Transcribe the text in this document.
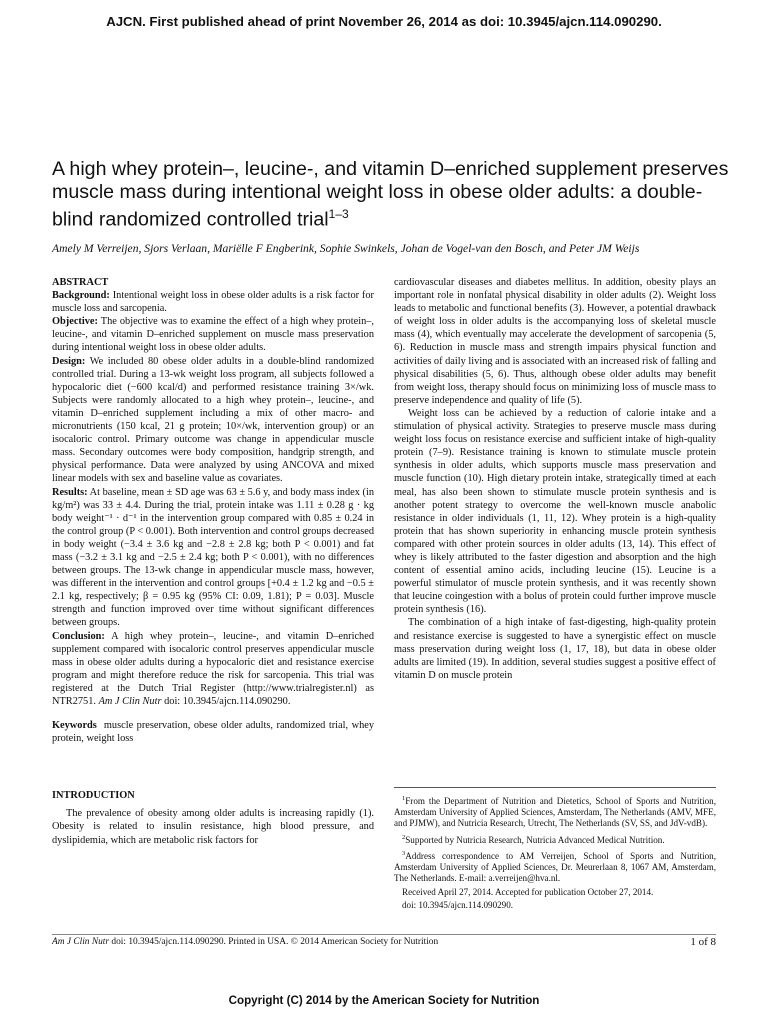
AJCN. First published ahead of print November 26, 2014 as doi: 10.3945/ajcn.114.090290.
A high whey protein–, leucine-, and vitamin D–enriched supplement preserves muscle mass during intentional weight loss in obese older adults: a double-blind randomized controlled trial$^{1-3}$
Amely M Verreijen, Sjors Verlaan, Mariëlle F Engberink, Sophie Swinkels, Johan de Vogel-van den Bosch, and Peter JM Weijs

ABSTRACT

Background: Intentional weight loss in obese older adults is a risk factor for muscle loss and sarcopenia.

Objective: The objective was to examine the effect of a high whey protein–, leucine-, and vitamin D–enriched supplement on muscle mass preservation during intentional weight loss in obese older adults.

Design: We included 80 obese older adults in a double-blind randomized controlled trial. During a 13-wk weight loss program, all subjects followed a hypocaloric diet (−600 kcal/d) and performed resistance training 3×/wk. Subjects were randomly allocated to a high whey protein–, leucine-, and vitamin D–enriched supplement including a mix of other macro- and micronutrients (150 kcal, 21 g protein; 10×/wk, intervention group) or an isocaloric control. Primary outcome was change in appendicular muscle mass. Secondary outcomes were body composition, handgrip strength, and physical performance. Data were analyzed by using ANCOVA and mixed linear models with sex and baseline value as covariates.

Results: At baseline, mean ± SD age was 63 ± 5.6 y, and body mass index (in kg/m²) was 33 ± 4.4. During the trial, protein intake was 1.11 ± 0.28 g · kg body weight⁻¹ · d⁻¹ in the intervention group compared with 0.85 ± 0.24 in the control group (P < 0.001). Both intervention and control groups decreased in body weight (−3.4 ± 3.6 kg and −2.8 ± 2.8 kg; both P < 0.001) and fat mass (−3.2 ± 3.1 kg and −2.5 ± 2.4 kg; both P < 0.001), with no differences between groups. The 13-wk change in appendicular muscle mass, however, was different in the intervention and control groups [+0.4 ± 1.2 kg and −0.5 ± 2.1 kg, respectively; β = 0.95 kg (95% CI: 0.09, 1.81); P = 0.03]. Muscle strength and function improved over time without significant differences between groups.

Conclusion: A high whey protein–, leucine-, and vitamin D–enriched supplement compared with isocaloric control preserves appendicular muscle mass in obese older adults during a hypocaloric diet and resistance exercise program and might therefore reduce the risk for sarcopenia. This trial was registered at the Dutch Trial Register (http://www.trialregister.nl) as NTR2751. Am J Clin Nutr doi: 10.3945/ajcn.114.090290.

Keywords muscle preservation, obese older adults, randomized trial, whey protein, weight loss

INTRODUCTION

The prevalence of obesity among older adults is increasing rapidly (1). Obesity is related to insulin resistance, high blood pressure, and dyslipidemia, which are metabolic risk factors for

cardiovascular diseases and diabetes mellitus. In addition, obesity plays an important role in nonfatal physical disability in older adults (2). Weight loss leads to metabolic and functional benefits (3). However, a potential drawback of weight loss in older adults is the accompanying loss of skeletal muscle mass (4), which eventually may accelerate the development of sarcopenia (5, 6). Reduction in muscle mass and strength impairs physical function and activities of daily living and is associated with an increased risk of falling and physical disabilities (5, 6). Thus, although obese older adults may benefit from weight loss, therapy should focus on minimizing loss of muscle mass to preserve independence and quality of life (5).

Weight loss can be achieved by a reduction of calorie intake and a stimulation of physical activity. Strategies to preserve muscle mass during weight loss focus on resistance exercise and sufficient intake of high-quality protein (7–9). Resistance training is known to stimulate muscle protein synthesis in older adults, which supports muscle mass preservation and muscle function (10). High dietary protein intake, strategically timed at each meal, has also been shown to stimulate muscle protein synthesis and is another potent strategy to overcome the well-known muscle anabolic resistance in older individuals (1, 11, 12). Whey protein is a high-quality protein that has shown superiority in enhancing muscle protein synthesis compared with other protein sources in older adults (13, 14). This effect of whey is likely attributed to the faster digestion and absorption and the high content of essential amino acids, including leucine (15). Leucine is a powerful stimulator of muscle protein synthesis, and it was recently shown that leucine coingestion with a bolus of protein could further improve muscle protein synthesis (16).

The combination of a high intake of fast-digesting, high-quality protein and resistance exercise is suggested to have a synergistic effect on muscle mass preservation during weight loss (1, 17, 18), but data in obese older adults are limited (19). In addition, several studies suggest a positive effect of vitamin D on muscle protein

$^1$From the Department of Nutrition and Dietetics, School of Sports and Nutrition, Amsterdam University of Applied Sciences, Amsterdam, The Netherlands (AMV, MFE, and PJMW), and Nutricia Research, Utrecht, The Netherlands (SV, SS, and JdV-vdB).

$^2$Supported by Nutricia Research, Nutricia Advanced Medical Nutrition.

$^3$Address correspondence to AM Verreijen, School of Sports and Nutrition, Amsterdam University of Applied Sciences, Dr. Meurerlaan 8, 1067 AM, Amsterdam, The Netherlands. E-mail: a.verreijen@hva.nl.

Received April 27, 2014. Accepted for publication October 27, 2014.

doi: 10.3945/ajcn.114.090290.

Am J Clin Nutr doi: 10.3945/ajcn.114.090290. Printed in USA. © 2014 American Society for Nutrition	1 of 8
Copyright (C) 2014 by the American Society for Nutrition
